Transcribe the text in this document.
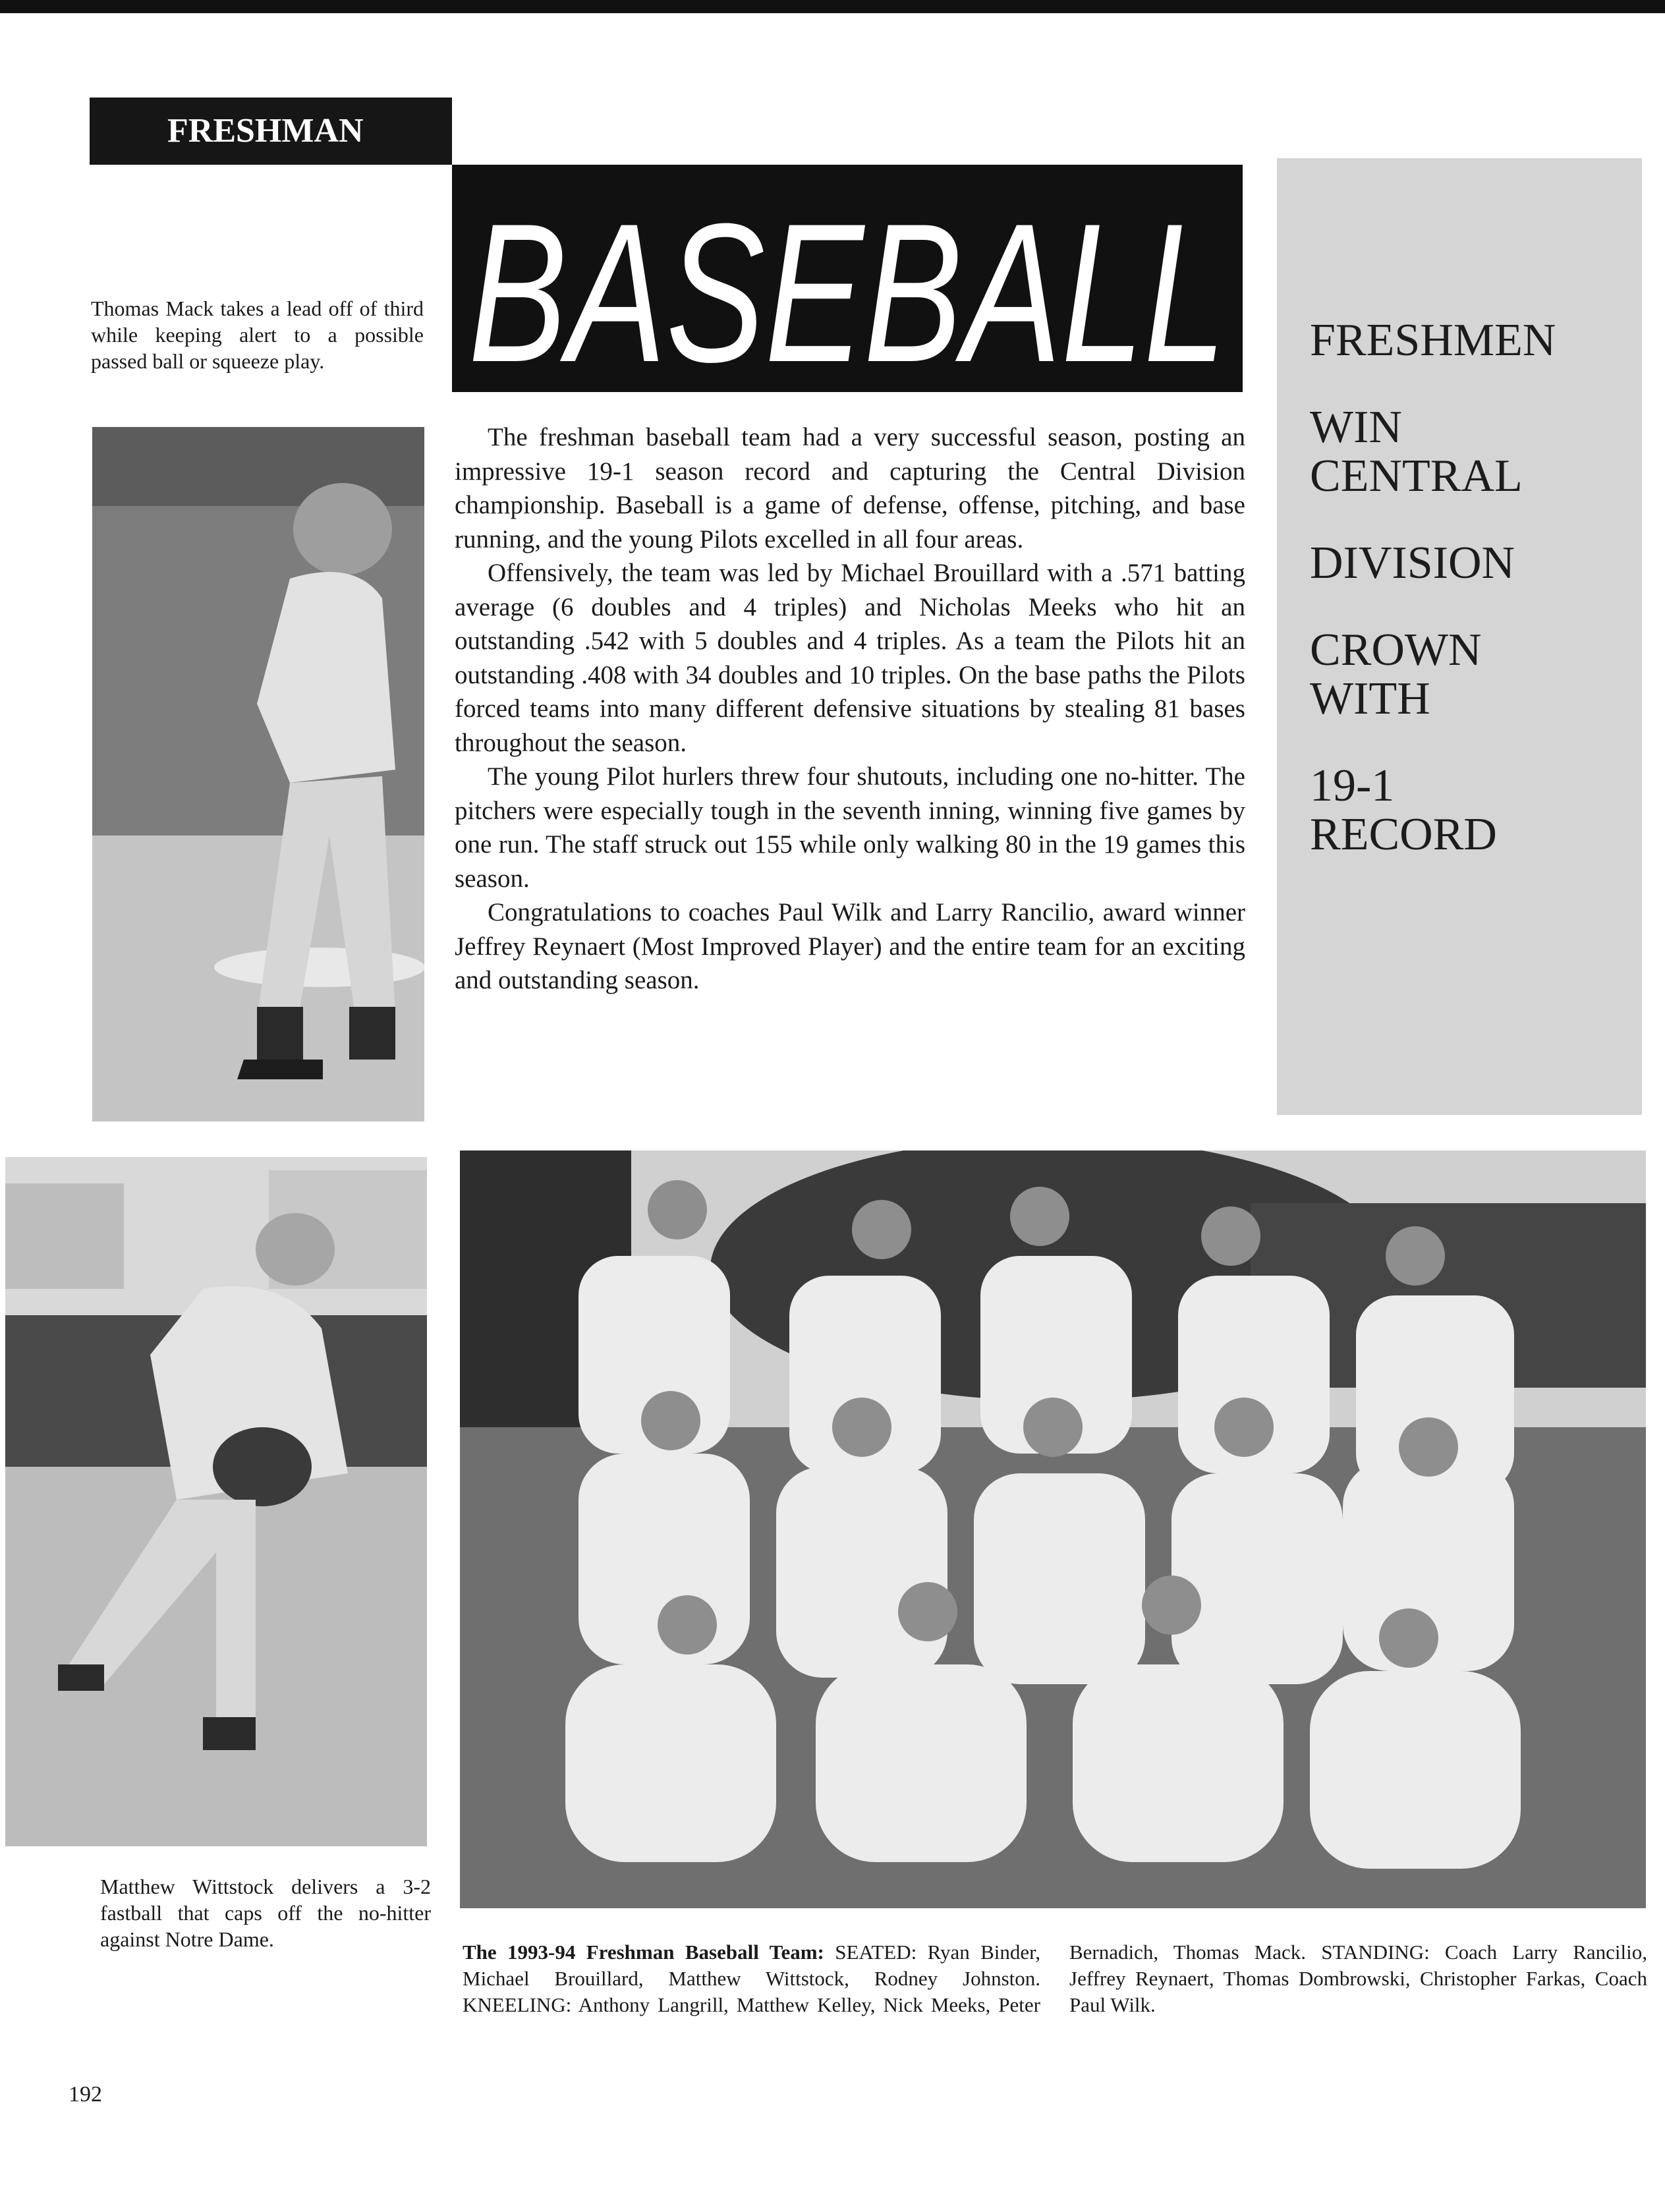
FRESHMAN
BASEBALL
Thomas Mack takes a lead off of third while keeping alert to a possible passed ball or squeeze play.

The freshman baseball team had a very successful season, posting an impressive 19-1 season record and capturing the Central Division championship. Baseball is a game of defense, offense, pitching, and base running, and the young Pilots excelled in all four areas.

Offensively, the team was led by Michael Brouillard with a .571 batting average (6 doubles and 4 triples) and Nicholas Meeks who hit an outstanding .542 with 5 doubles and 4 triples. As a team the Pilots hit an outstanding .408 with 34 doubles and 10 triples. On the base paths the Pilots forced teams into many different defensive situations by stealing 81 bases throughout the season.

The young Pilot hurlers threw four shutouts, including one no-hitter. The pitchers were especially tough in the seventh inning, winning five games by one run. The staff struck out 155 while only walking 80 in the 19 games this season.

Congratulations to coaches Paul Wilk and Larry Rancilio, award winner Jeffrey Reynaert (Most Improved Player) and the entire team for an exciting and outstanding season.

FRESHMEN
WIN
CENTRAL
DIVISION
CROWN
WITH
19-1
RECORD
Matthew Wittstock delivers a 3-2 fastball that caps off the no-hitter against Notre Dame.
The 1993-94 Freshman Baseball Team: SEATED: Ryan Binder, Michael Brouillard, Matthew Wittstock, Rodney Johnston. KNEELING: Anthony Langrill, Matthew Kelley, Nick Meeks, Peter Bernadich, Thomas Mack. STANDING: Coach Larry Rancilio, Jeffrey Reynaert, Thomas Dombrowski, Christopher Farkas, Coach Paul Wilk.
192
